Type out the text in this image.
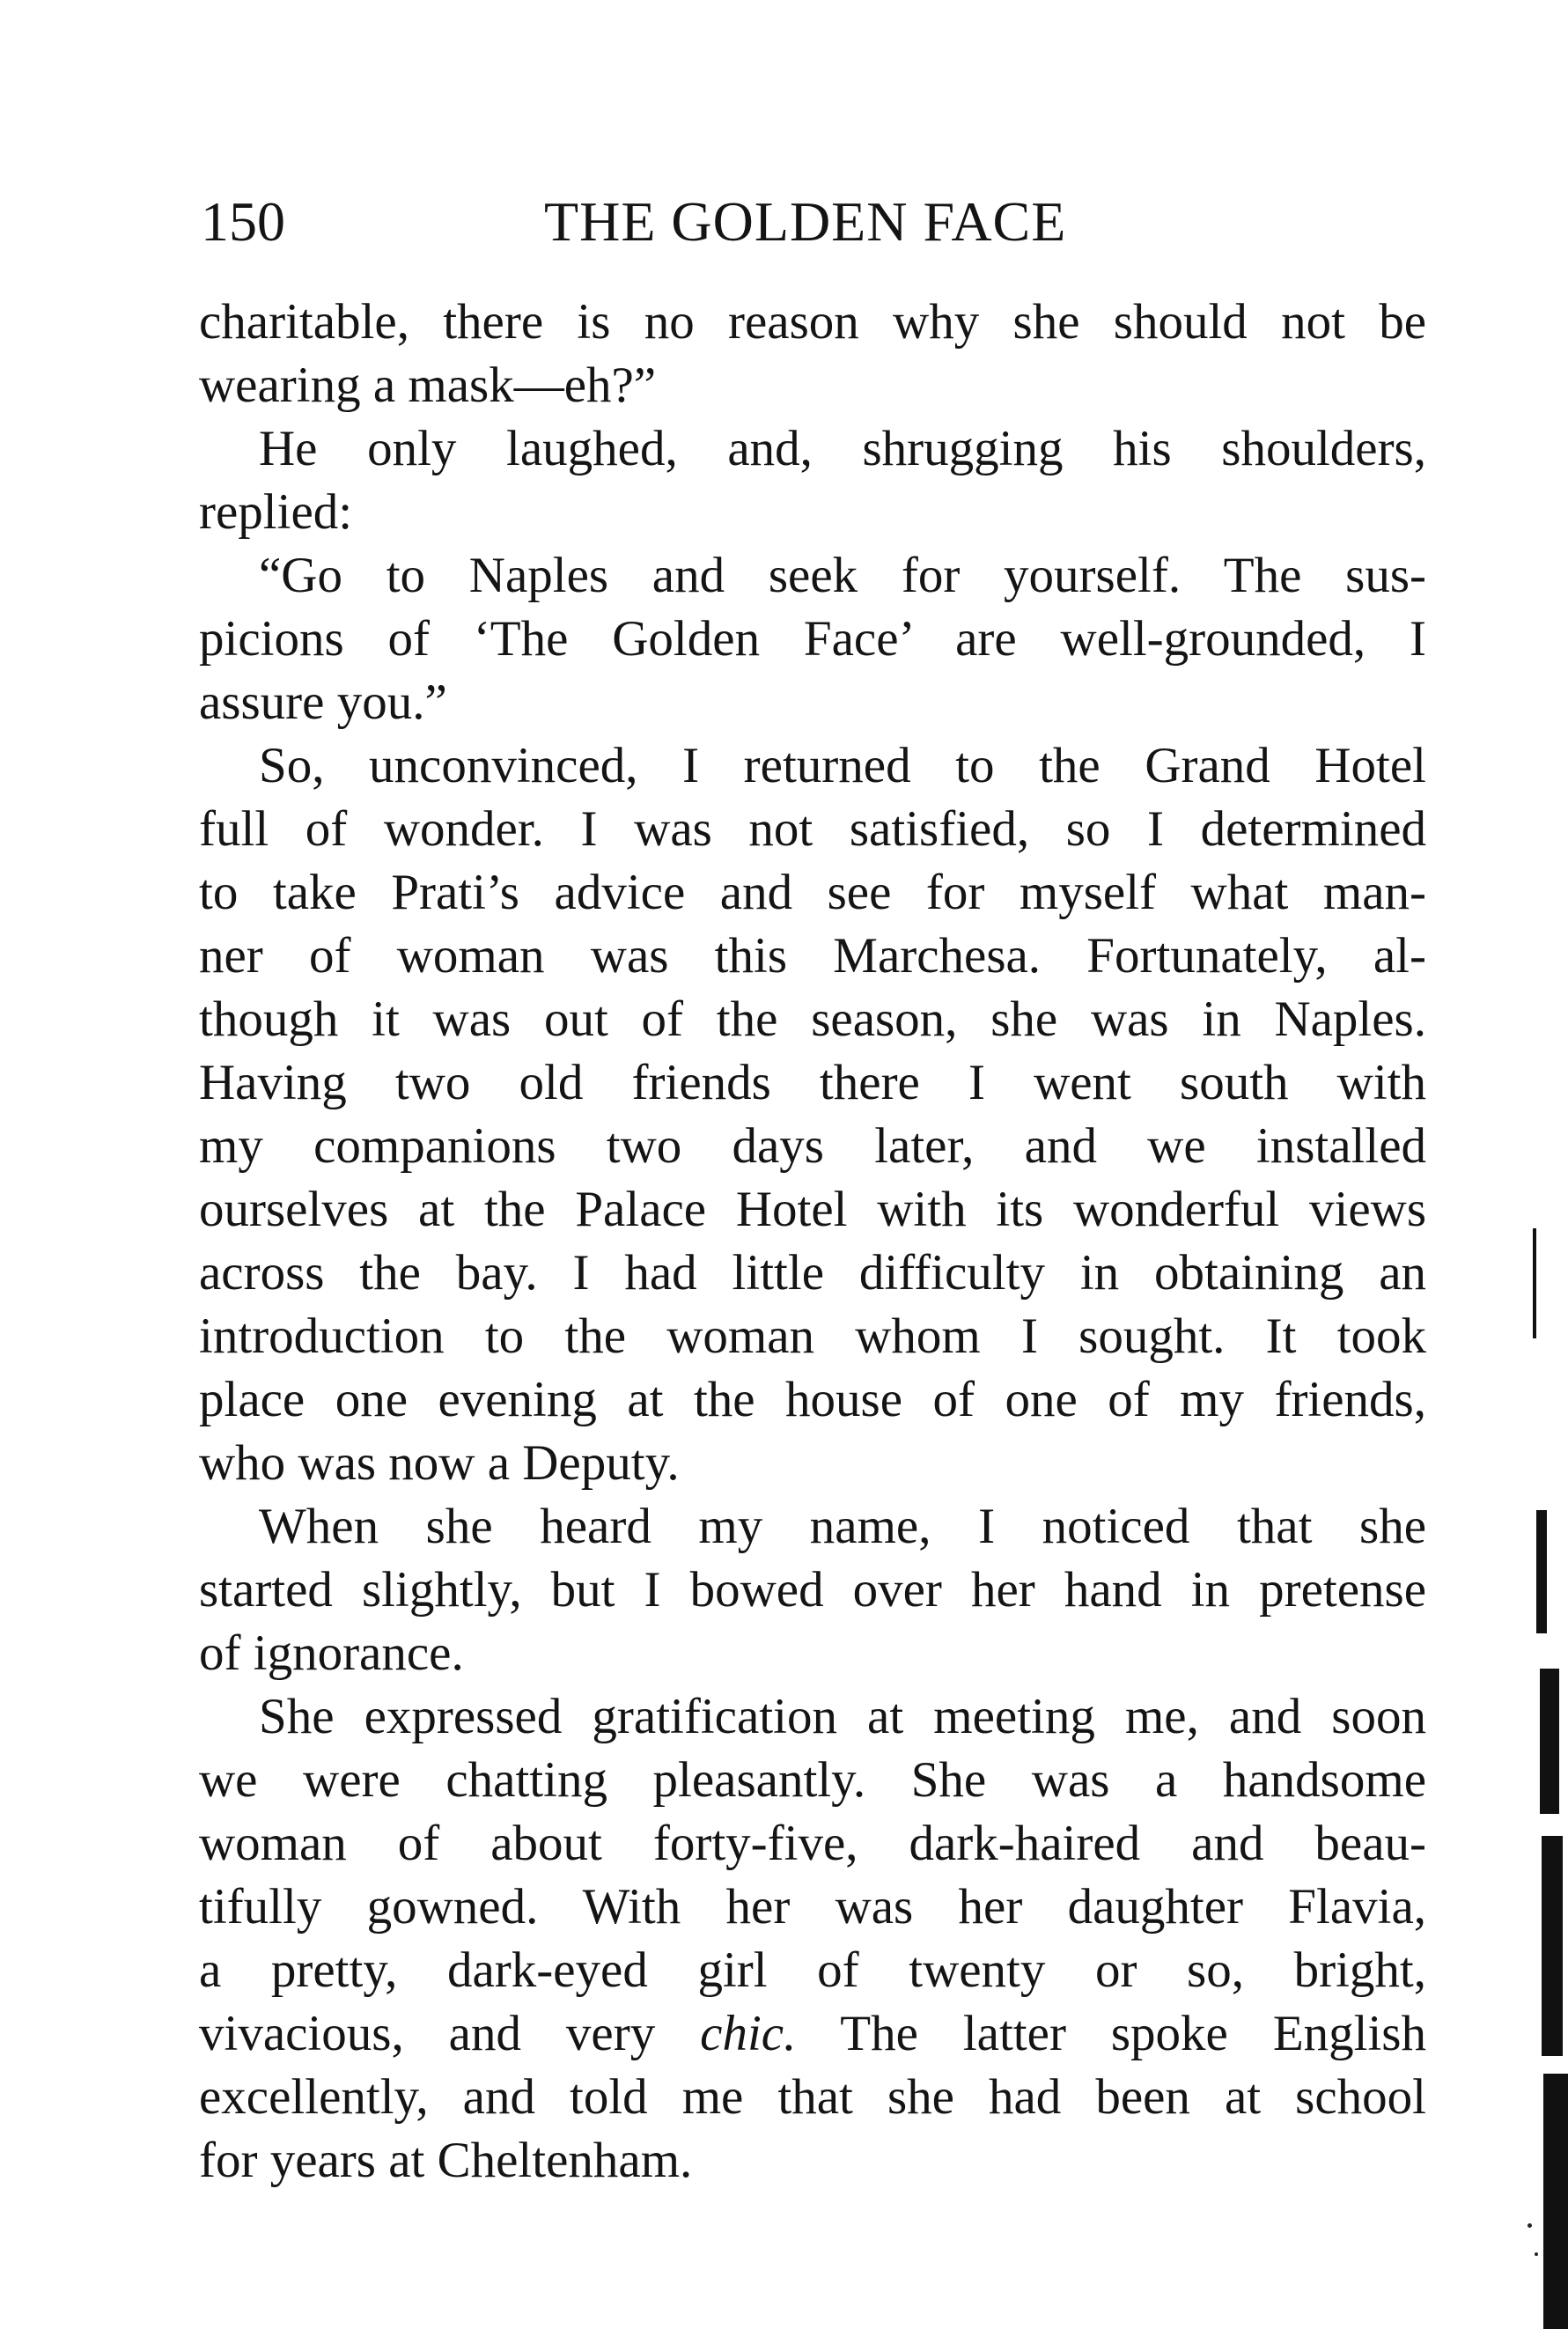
150	THE GOLDEN FACE
charitable, there is no reason why she should not be
wearing a mask—eh?”
He only laughed, and, shrugging his shoulders,
replied:
“Go to Naples and seek for yourself. The sus-
picions of ‘The Golden Face’ are well-grounded, I
assure you.”
So, unconvinced, I returned to the Grand Hotel
full of wonder. I was not satisfied, so I determined
to take Prati’s advice and see for myself what man-
ner of woman was this Marchesa. Fortunately, al-
though it was out of the season, she was in Naples.
Having two old friends there I went south with
my companions two days later, and we installed
ourselves at the Palace Hotel with its wonderful views
across the bay. I had little difficulty in obtaining an
introduction to the woman whom I sought. It took
place one evening at the house of one of my friends,
who was now a Deputy.
When she heard my name, I noticed that she
started slightly, but I bowed over her hand in pretense
of ignorance.
She expressed gratification at meeting me, and soon
we were chatting pleasantly. She was a handsome
woman of about forty-five, dark-haired and beau-
tifully gowned. With her was her daughter Flavia,
a pretty, dark-eyed girl of twenty or so, bright,
vivacious, and very chic. The latter spoke English
excellently, and told me that she had been at school
for years at Cheltenham.
